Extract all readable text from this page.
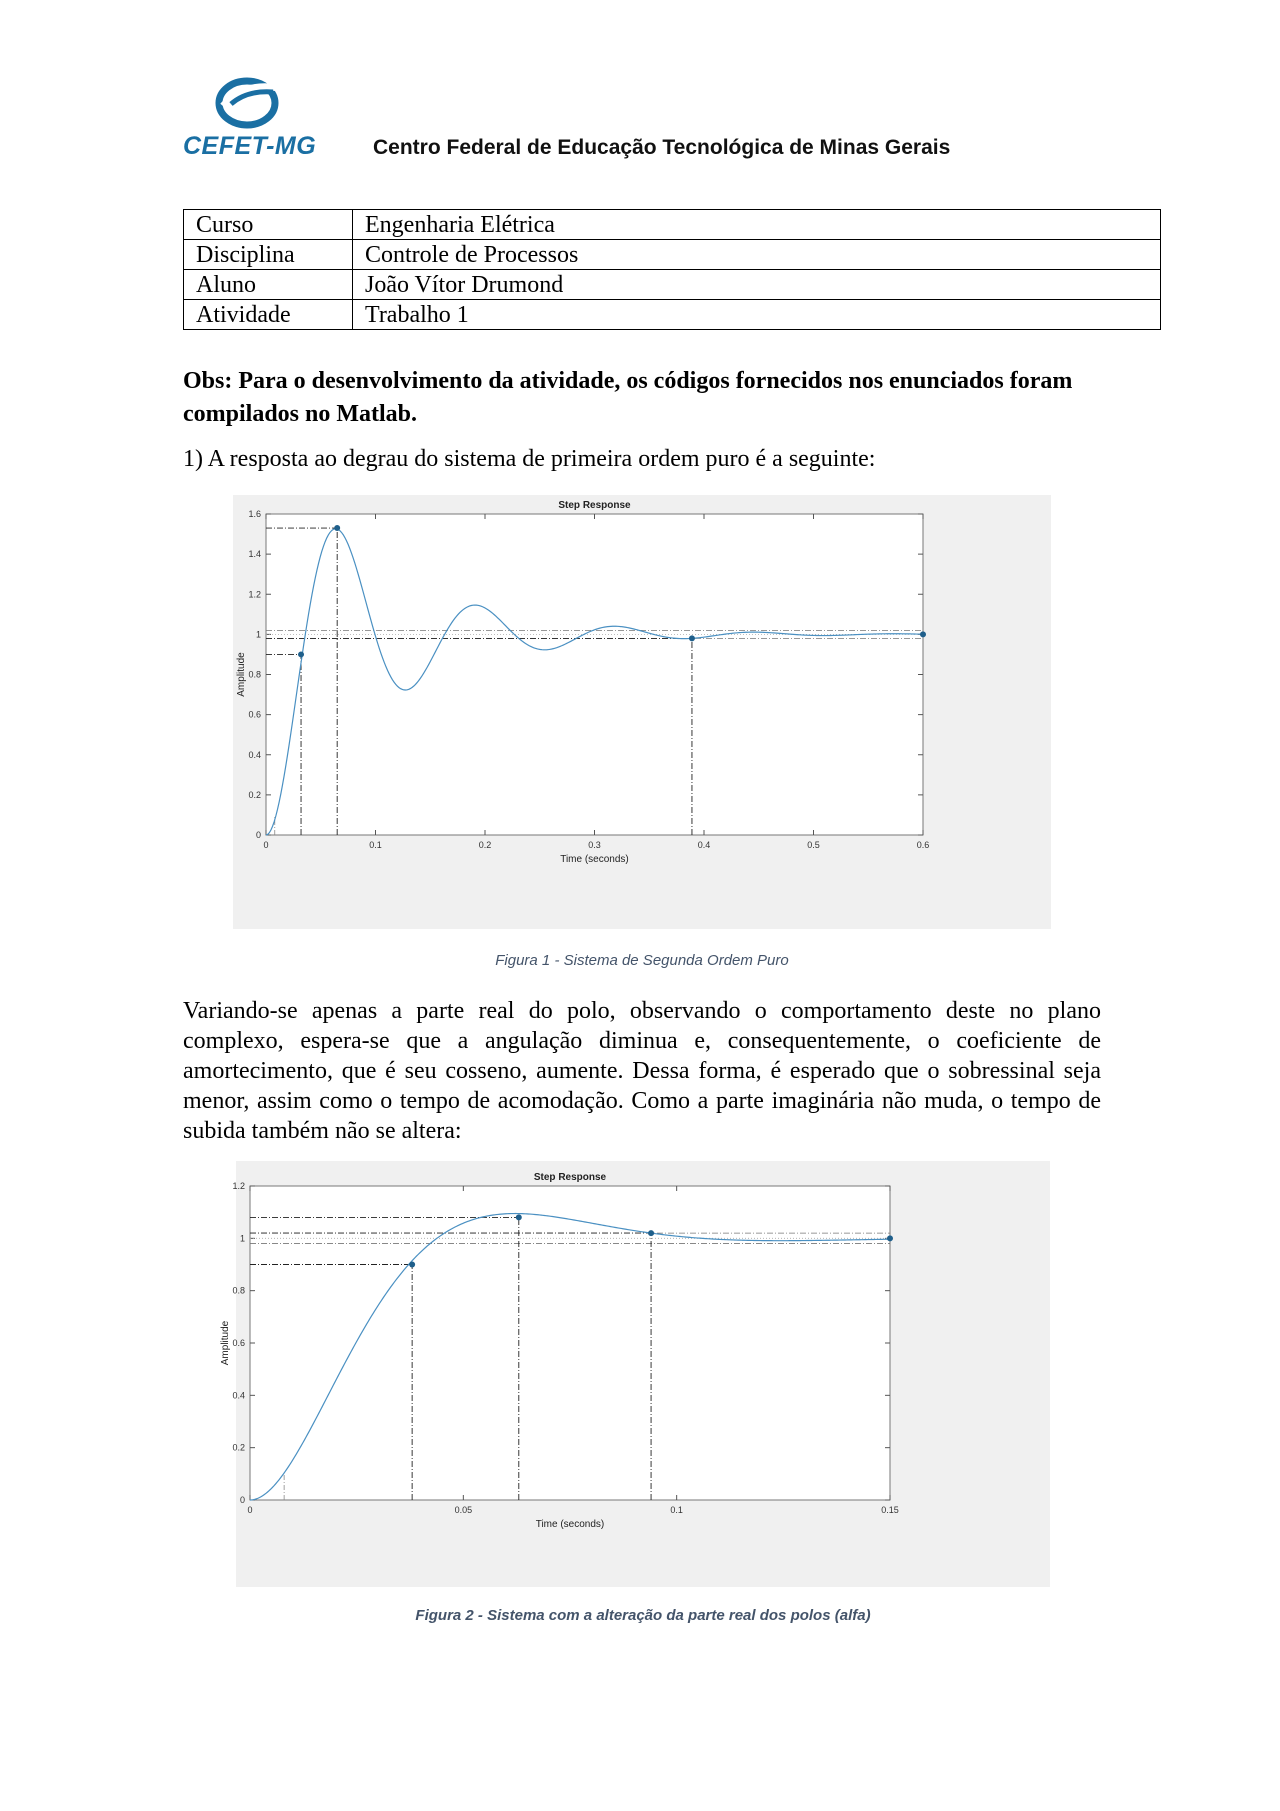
CEFET-MG	Centro Federal de Educação Tecnológica de Minas Gerais
Curso	Engenharia Elétrica
Disciplina	Controle de Processos
Aluno	João Vítor Drumond
Atividade	Trabalho 1
Obs: Para o desenvolvimento da atividade, os códigos fornecidos nos enunciados foram compilados no Matlab.
1) A resposta ao degrau do sistema de primeira ordem puro é a seguinte:
Step Response
Time (seconds)
Amplitude
0	0.1	0.2	0.3	0.4	0.5	0.6
0
0.2
0.4
0.6
0.8
1
1.2
1.4
1.6
Figura 1 - Sistema de Segunda Ordem Puro
Variando-se apenas a parte real do polo, observando o comportamento deste no plano complexo, espera-se que a angulação diminua e, consequentemente, o coeficiente de amortecimento, que é seu cosseno, aumente. Dessa forma, é esperado que o sobressinal seja menor, assim como o tempo de acomodação. Como a parte imaginária não muda, o tempo de subida também não se altera:
Step Response
Time (seconds)
Amplitude
0	0.05	0.1	0.15
0
0.2
0.4
0.6
0.8
1
1.2
Figura 2 - Sistema com a alteração da parte real dos polos (alfa)
